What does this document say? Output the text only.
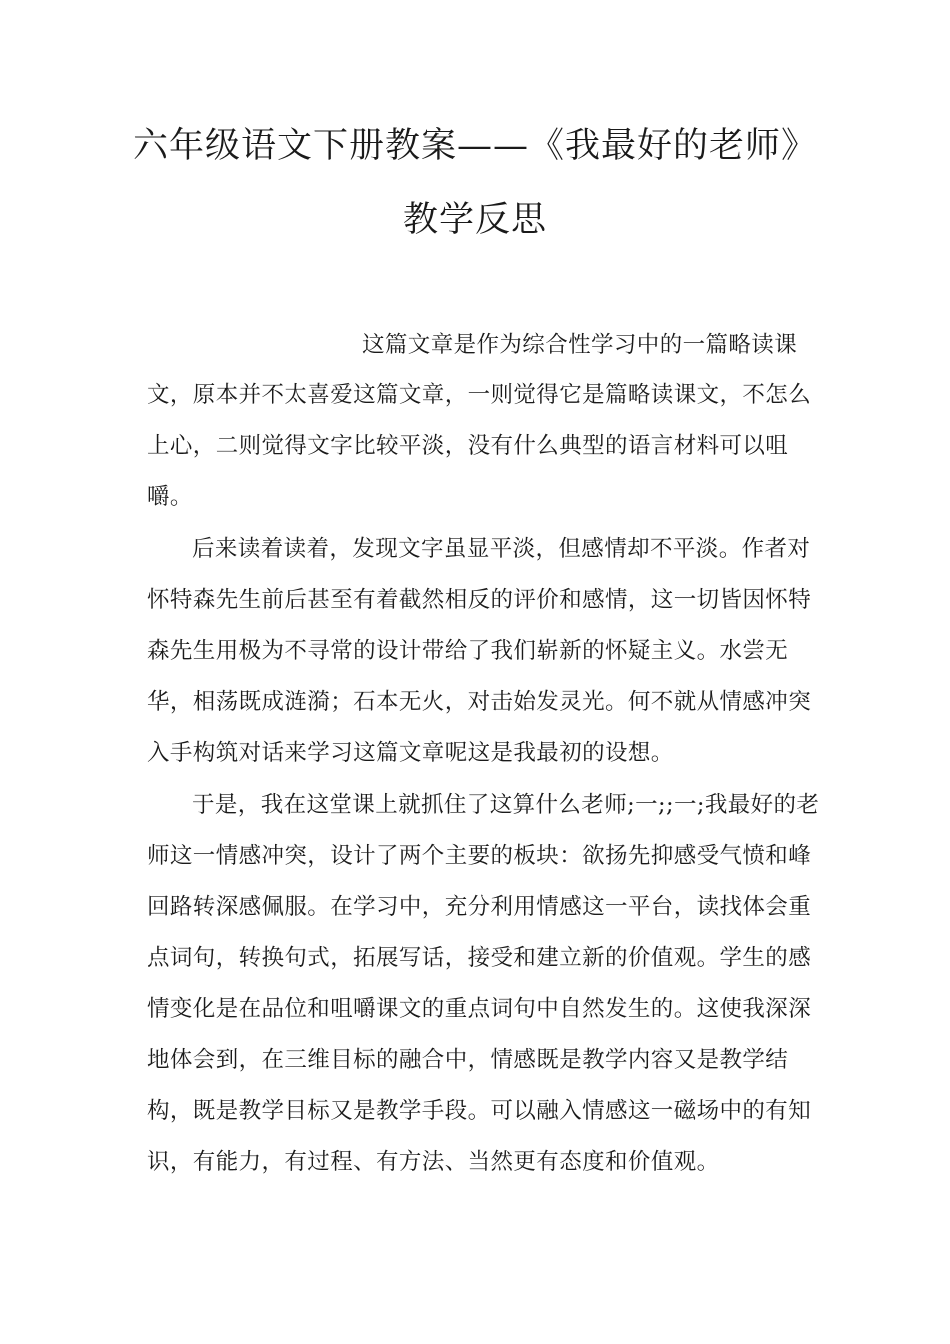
六年级语文下册教案——《我最好的老师》
教学反思

这篇文章是作为综合性学习中的一篇略读课

文，原本并不太喜爱这篇文章，一则觉得它是篇略读课文，不怎么

上心，二则觉得文字比较平淡，没有什么典型的语言材料可以咀

嚼。

后来读着读着，发现文字虽显平淡，但感情却不平淡。作者对

怀特森先生前后甚至有着截然相反的评价和感情，这一切皆因怀特

森先生用极为不寻常的设计带给了我们崭新的怀疑主义。水尝无

华，相荡既成涟漪；石本无火，对击始发灵光。何不就从情感冲突

入手构筑对话来学习这篇文章呢这是我最初的设想。

于是，我在这堂课上就抓住了这算什么老师;一;;一;我最好的老

师这一情感冲突，设计了两个主要的板块：欲扬先抑感受气愤和峰

回路转深感佩服。在学习中，充分利用情感这一平台，读找体会重

点词句，转换句式，拓展写话，接受和建立新的价值观。学生的感

情变化是在品位和咀嚼课文的重点词句中自然发生的。这使我深深

地体会到，在三维目标的融合中，情感既是教学内容又是教学结

构，既是教学目标又是教学手段。可以融入情感这一磁场中的有知

识，有能力，有过程、有方法、当然更有态度和价值观。
